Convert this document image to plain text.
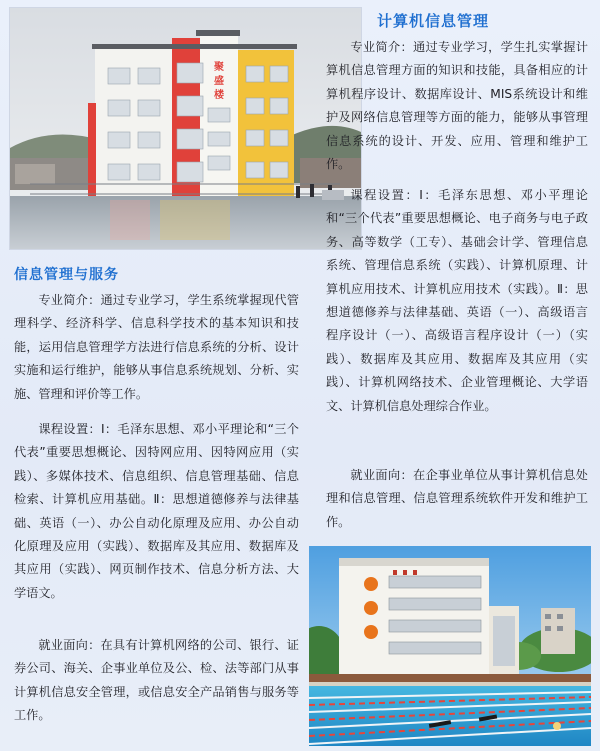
聚
盛
楼
计算机信息管理

专业简介：通过专业学习，学生扎实掌握计算机信息管理方面的知识和技能，具备相应的计算机程序设计、数据库设计、MIS系统设计和维护及网络信息管理等方面的能力，能够从事管理信息系统的设计、开发、应用、管理和维护工作。

课程设置：Ⅰ：毛泽东思想、邓小平理论和“三个代表”重要思想概论、电子商务与电子政务、高等数学（工专）、基础会计学、管理信息系统、管理信息系统（实践）、计算机原理、计算机应用技术、计算机应用技术（实践）。Ⅱ：思想道德修养与法律基础、英语（一）、高级语言程序设计（一）、高级语言程序设计（一）（实践）、数据库及其应用、数据库及其应用（实践）、计算机网络技术、企业管理概论、大学语文、计算机信息处理综合作业。

就业面向：在企事业单位从事计算机信息处理和信息管理、信息管理系统软件开发和维护工作。

信息管理与服务

专业简介：通过专业学习，学生系统掌握现代管理科学、经济科学、信息科学技术的基本知识和技能，运用信息管理学方法进行信息系统的分析、设计实施和运行维护，能够从事信息系统规划、分析、实施、管理和评价等工作。

课程设置：Ⅰ：毛泽东思想、邓小平理论和“三个代表”重要思想概论、因特网应用、因特网应用（实践）、多媒体技术、信息组织、信息管理基础、信息检索、计算机应用基础。Ⅱ：思想道德修养与法律基础、英语（一）、办公自动化原理及应用、办公自动化原理及应用（实践）、数据库及其应用、数据库及其应用（实践）、网页制作技术、信息分析方法、大学语文。

就业面向：在具有计算机网络的公司、银行、证券公司、海关、企事业单位及公、检、法等部门从事计算机信息安全管理，或信息安全产品销售与服务等工作。
